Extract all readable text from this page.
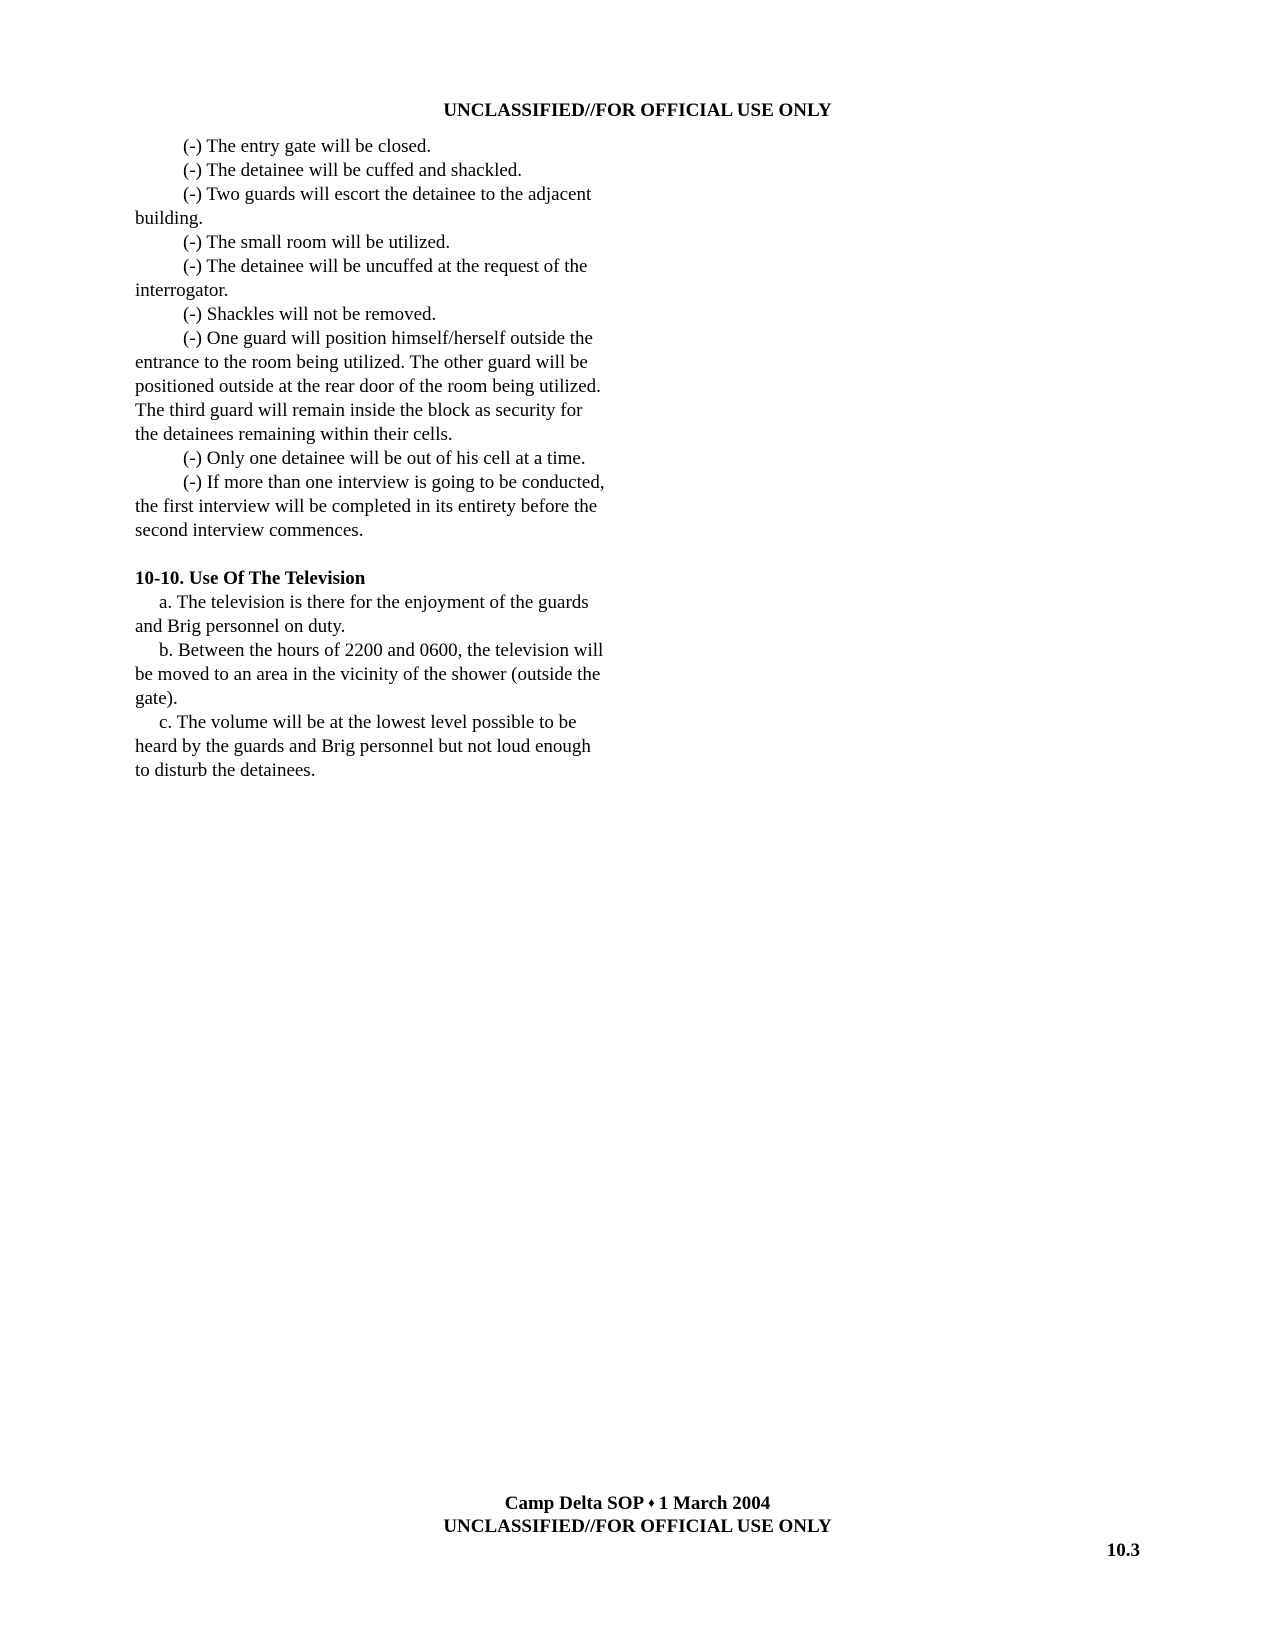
UNCLASSIFIED//FOR OFFICIAL USE ONLY

(-) The entry gate will be closed.

(-) The detainee will be cuffed and shackled.

(-) Two guards will escort the detainee to the adjacent building.

(-) The small room will be utilized.

(-) The detainee will be uncuffed at the request of the interrogator.

(-) Shackles will not be removed.

(-) One guard will position himself/herself outside the entrance to the room being utilized. The other guard will be positioned outside at the rear door of the room being utilized. The third guard will remain inside the block as security for the detainees remaining within their cells.

(-) Only one detainee will be out of his cell at a time.

(-) If more than one interview is going to be conducted, the first interview will be completed in its entirety before the second interview commences.

10-10. Use Of The Television

a. The television is there for the enjoyment of the guards and Brig personnel on duty.

b. Between the hours of 2200 and 0600, the television will be moved to an area in the vicinity of the shower (outside the gate).

c. The volume will be at the lowest level possible to be heard by the guards and Brig personnel but not loud enough to disturb the detainees.

Camp Delta SOP ♦ 1 March 2004
UNCLASSIFIED//FOR OFFICIAL USE ONLY
10.3
